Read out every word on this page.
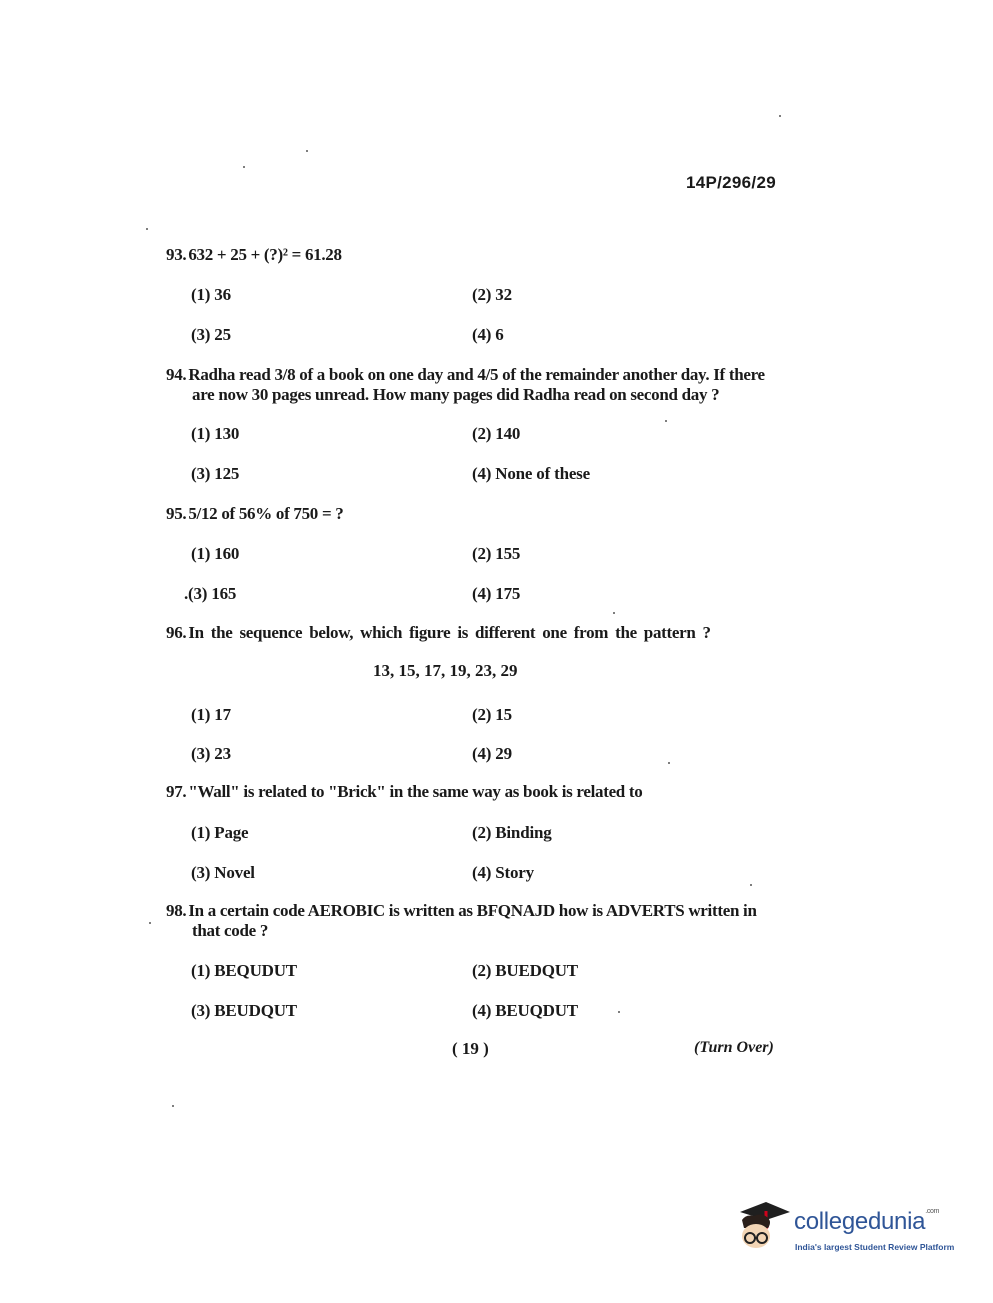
14P/296/29
93. 632 + 25 + (?)² = 61.28
(1) 36	(2) 32
(3) 25	(4) 6
94. Radha read 3/8 of a book on one day and 4/5 of the remainder another day. If there
are now 30 pages unread. How many pages did Radha read on second day ?
(1) 130	(2) 140
(3) 125	(4) None of these
95. 5/12 of 56% of 750 = ?
(1) 160	(2) 155
.(3) 165	(4) 175
96. In the sequence below, which figure is different one from the pattern ?
13, 15, 17, 19, 23, 29
(1) 17	(2) 15
(3) 23	(4) 29
97. "Wall" is related to "Brick" in the same way as book is related to
(1) Page	(2) Binding
(3) Novel	(4) Story
98. In a certain code AEROBIC is written as BFQNAJD how is ADVERTS written in
that code ?
(1) BEQUDUT	(2) BUEDQUT
(3) BEUDQUT	(4) BEUQDUT
( 19 )	(Turn Over)
collegedunia$^{.com}$
India's largest Student Review Platform
